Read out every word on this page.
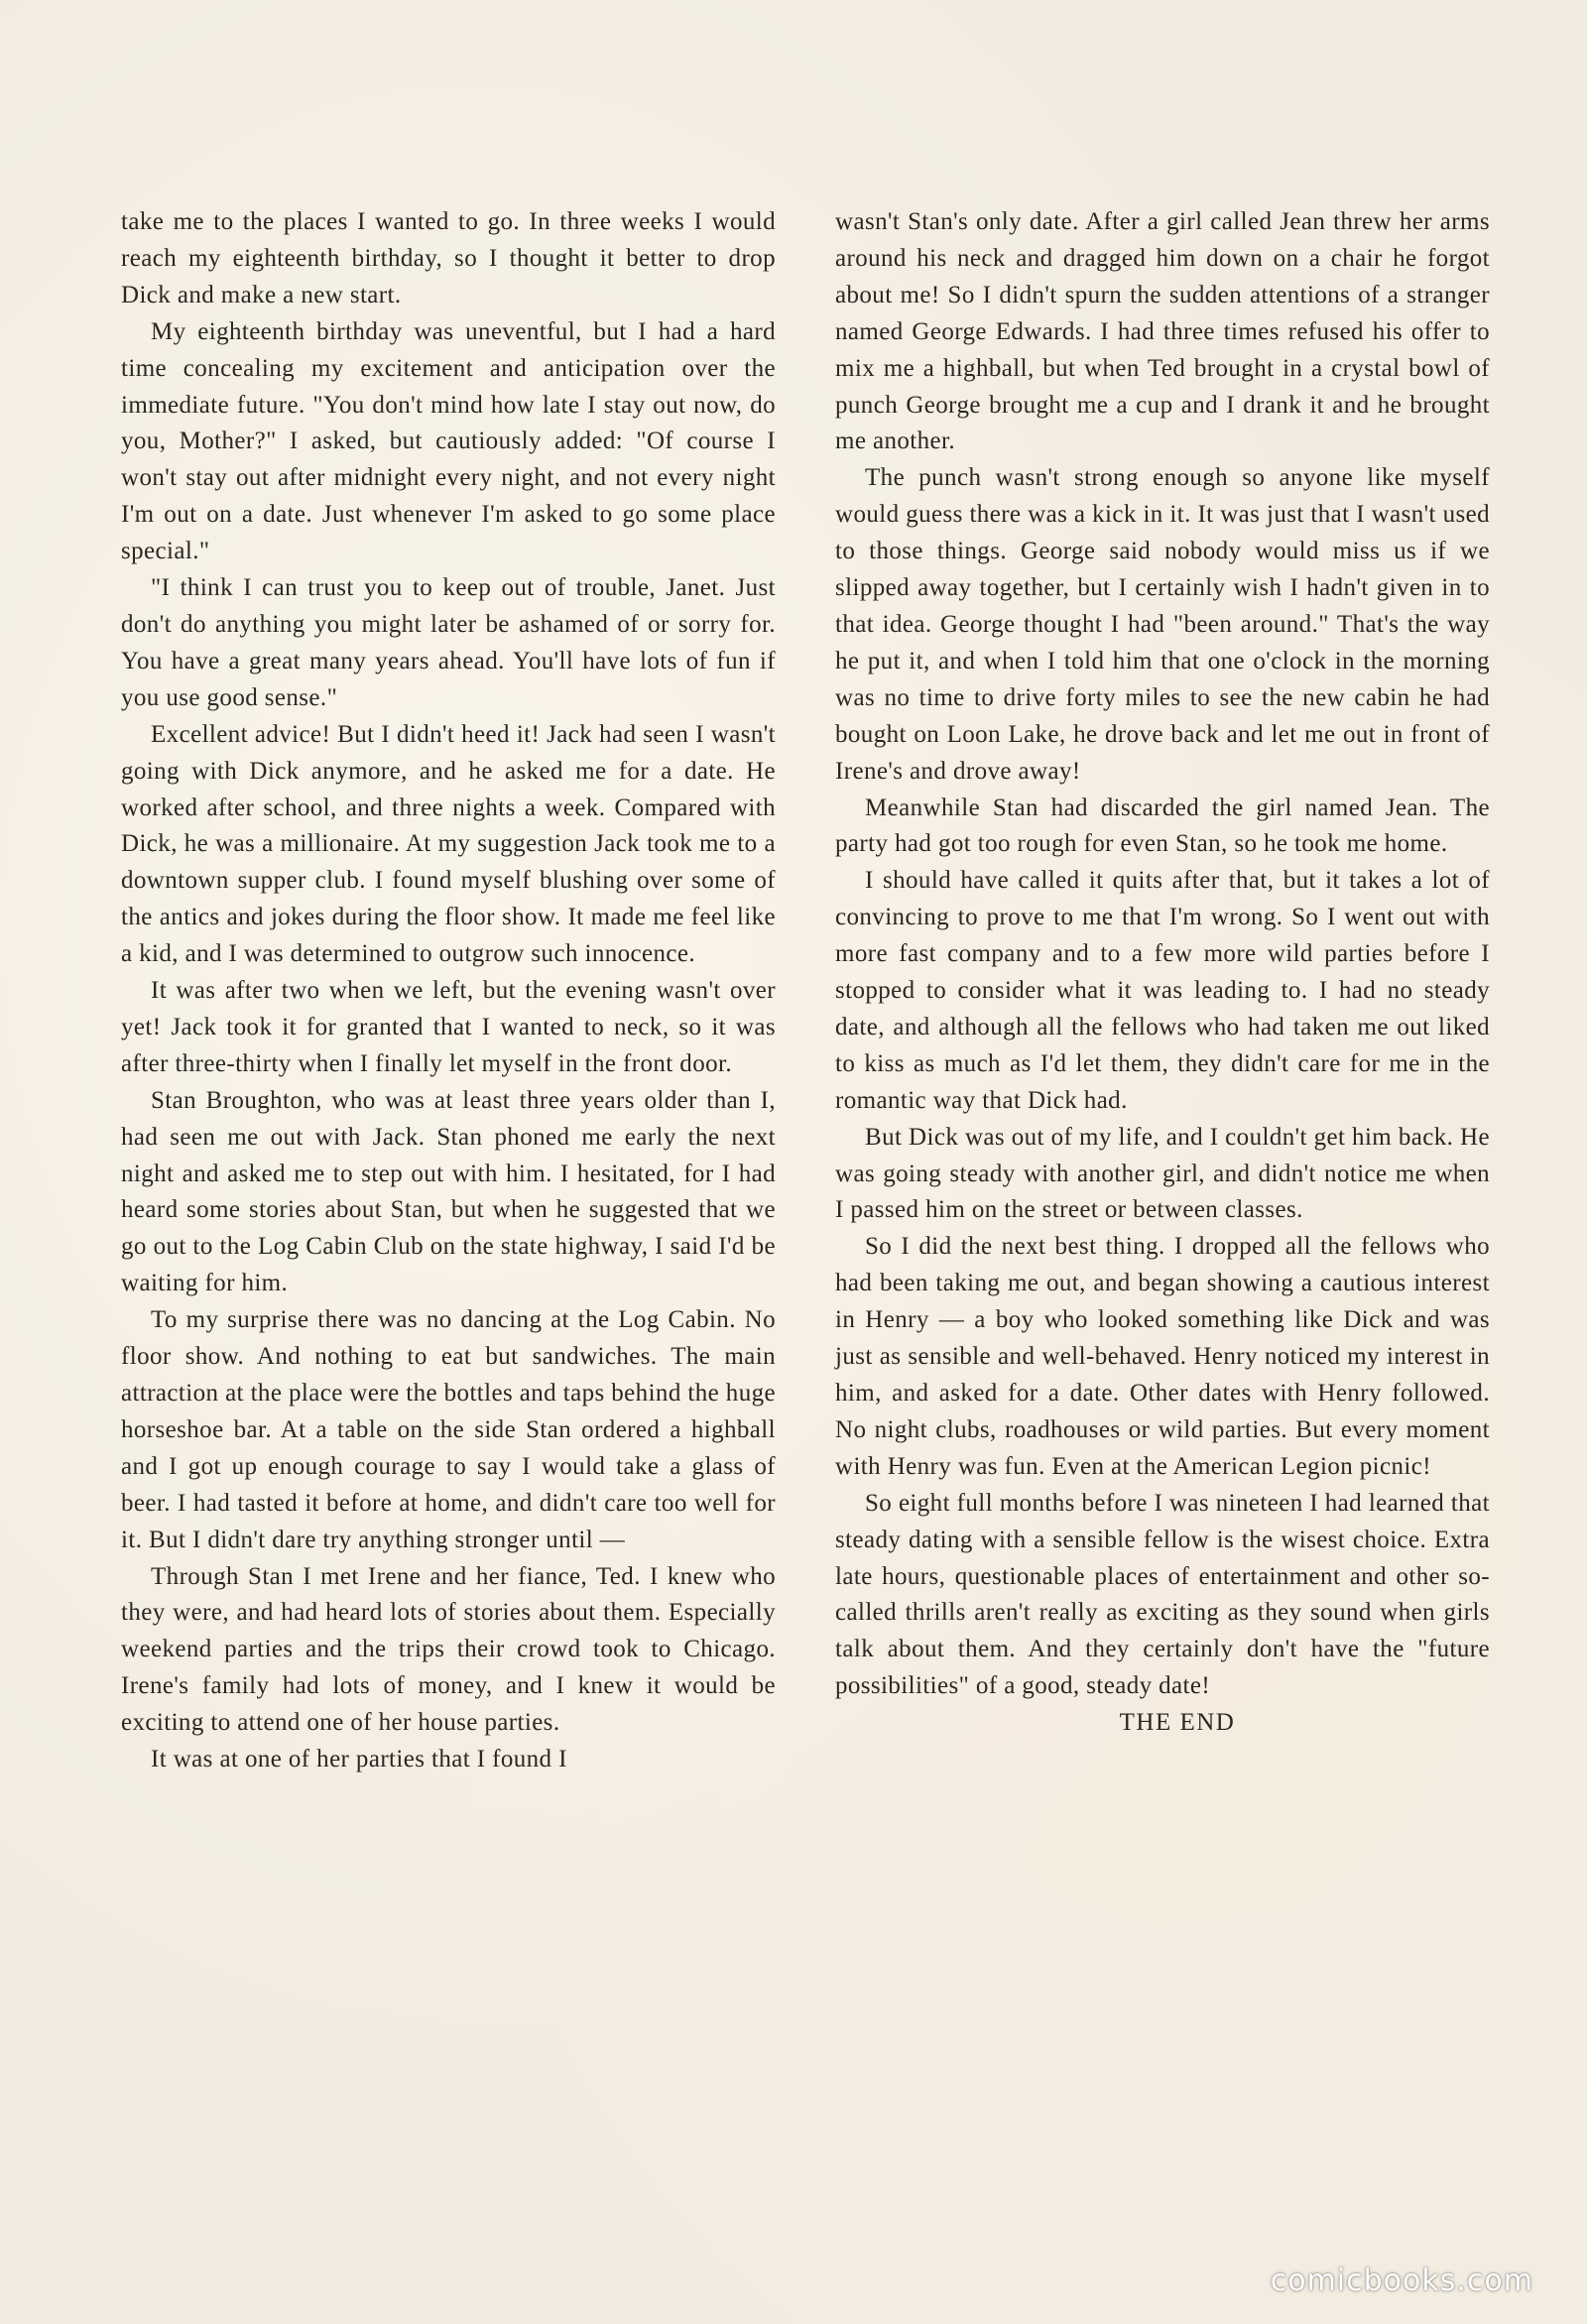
take me to the places I wanted to go. In three weeks I would reach my eighteenth birthday, so I thought it better to drop Dick and make a new start.

My eighteenth birthday was uneventful, but I had a hard time concealing my excitement and anticipation over the immediate future. "You don't mind how late I stay out now, do you, Mother?" I asked, but cautiously added: "Of course I won't stay out after midnight every night, and not every night I'm out on a date. Just whenever I'm asked to go some place special."

"I think I can trust you to keep out of trouble, Janet. Just don't do anything you might later be ashamed of or sorry for. You have a great many years ahead. You'll have lots of fun if you use good sense."

Excellent advice! But I didn't heed it! Jack had seen I wasn't going with Dick anymore, and he asked me for a date. He worked after school, and three nights a week. Compared with Dick, he was a millionaire. At my suggestion Jack took me to a downtown supper club. I found myself blushing over some of the antics and jokes during the floor show. It made me feel like a kid, and I was determined to outgrow such innocence.

It was after two when we left, but the evening wasn't over yet! Jack took it for granted that I wanted to neck, so it was after three-thirty when I finally let myself in the front door.

Stan Broughton, who was at least three years older than I, had seen me out with Jack. Stan phoned me early the next night and asked me to step out with him. I hesitated, for I had heard some stories about Stan, but when he suggested that we go out to the Log Cabin Club on the state highway, I said I'd be waiting for him.

To my surprise there was no dancing at the Log Cabin. No floor show. And nothing to eat but sandwiches. The main attraction at the place were the bottles and taps behind the huge horseshoe bar. At a table on the side Stan ordered a highball and I got up enough courage to say I would take a glass of beer. I had tasted it before at home, and didn't care too well for it. But I didn't dare try anything stronger until —

Through Stan I met Irene and her fiance, Ted. I knew who they were, and had heard lots of stories about them. Especially weekend parties and the trips their crowd took to Chicago. Irene's family had lots of money, and I knew it would be exciting to attend one of her house parties.

It was at one of her parties that I found I

wasn't Stan's only date. After a girl called Jean threw her arms around his neck and dragged him down on a chair he forgot about me! So I didn't spurn the sudden attentions of a stranger named George Edwards. I had three times refused his offer to mix me a highball, but when Ted brought in a crystal bowl of punch George brought me a cup and I drank it and he brought me another.

The punch wasn't strong enough so anyone like myself would guess there was a kick in it. It was just that I wasn't used to those things. George said nobody would miss us if we slipped away together, but I certainly wish I hadn't given in to that idea. George thought I had "been around." That's the way he put it, and when I told him that one o'clock in the morning was no time to drive forty miles to see the new cabin he had bought on Loon Lake, he drove back and let me out in front of Irene's and drove away!

Meanwhile Stan had discarded the girl named Jean. The party had got too rough for even Stan, so he took me home.

I should have called it quits after that, but it takes a lot of convincing to prove to me that I'm wrong. So I went out with more fast company and to a few more wild parties before I stopped to consider what it was leading to. I had no steady date, and although all the fellows who had taken me out liked to kiss as much as I'd let them, they didn't care for me in the romantic way that Dick had.

But Dick was out of my life, and I couldn't get him back. He was going steady with another girl, and didn't notice me when I passed him on the street or between classes.

So I did the next best thing. I dropped all the fellows who had been taking me out, and began showing a cautious interest in Henry — a boy who looked something like Dick and was just as sensible and well-behaved. Henry noticed my interest in him, and asked for a date. Other dates with Henry followed. No night clubs, roadhouses or wild parties. But every moment with Henry was fun. Even at the American Legion picnic!

So eight full months before I was nineteen I had learned that steady dating with a sensible fellow is the wisest choice. Extra late hours, questionable places of entertainment and other so-called thrills aren't really as exciting as they sound when girls talk about them. And they certainly don't have the "future possibilities" of a good, steady date!

THE END

comicbooks.com
